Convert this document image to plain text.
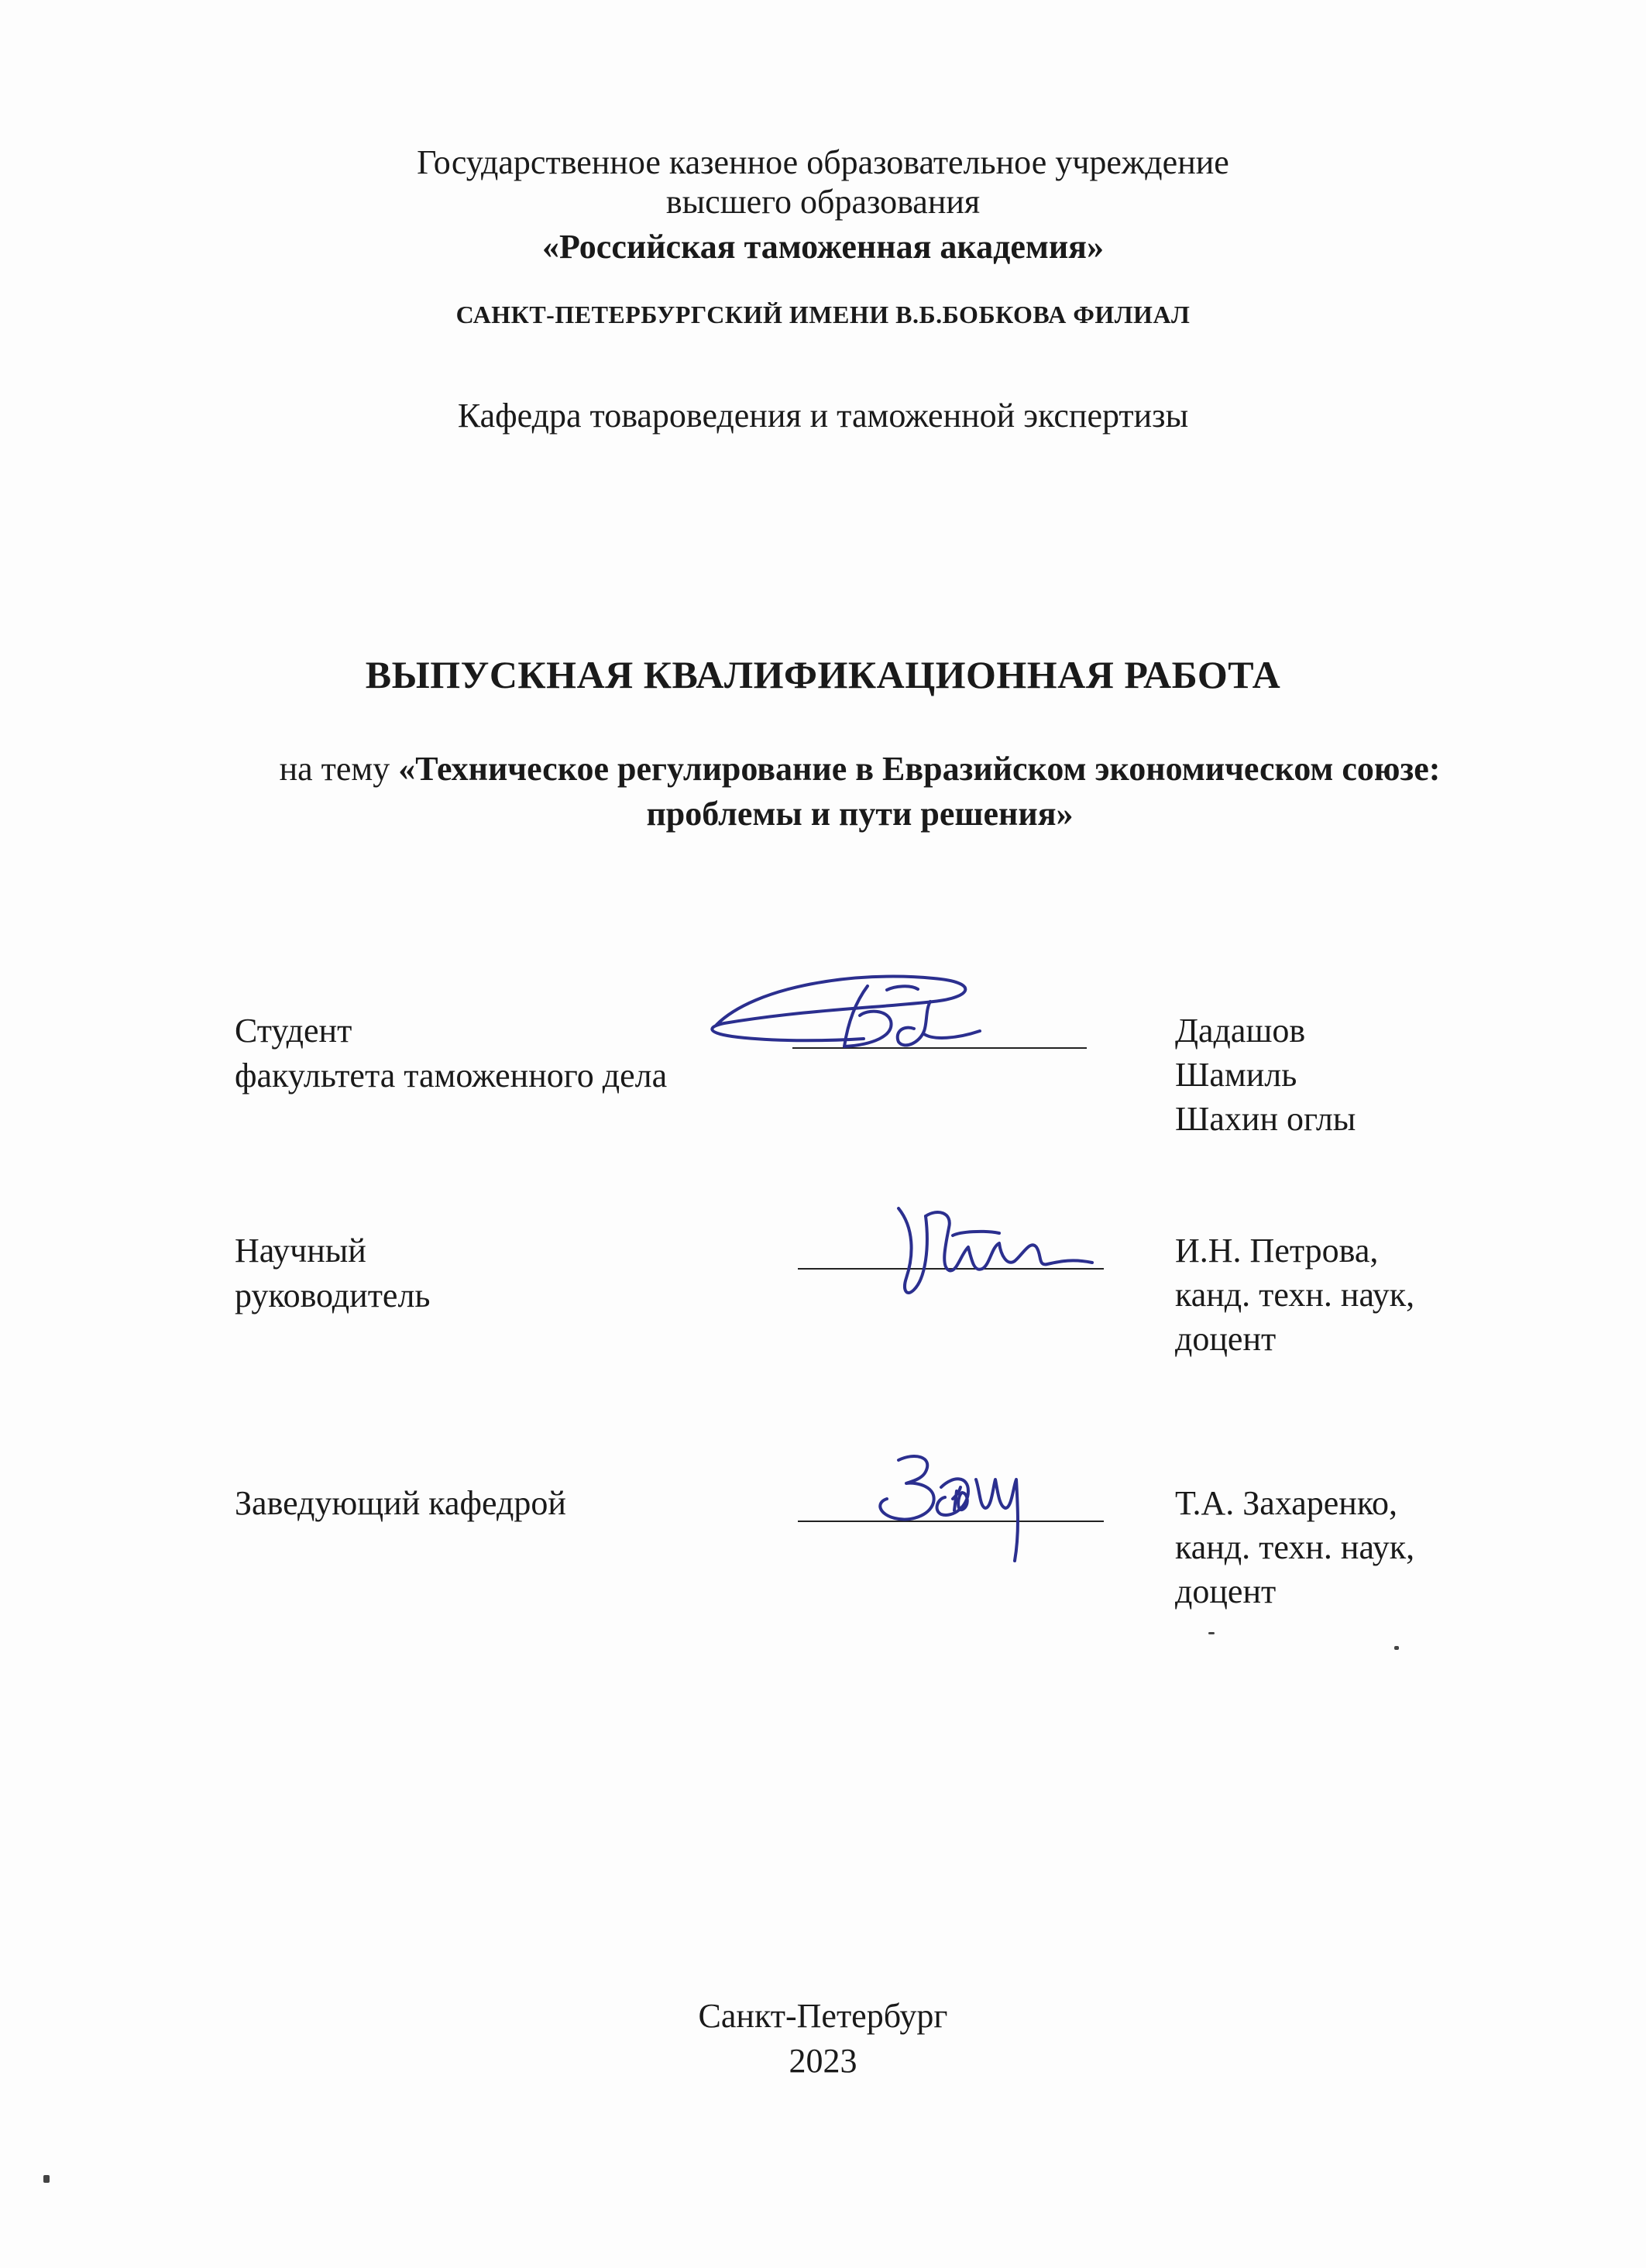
Государственное казенное образовательное учреждение
высшего образования
«Российская таможенная академия»
САНКТ-ПЕТЕРБУРГСКИЙ ИМЕНИ В.Б.БОБКОВА ФИЛИАЛ
Кафедра товароведения и таможенной экспертизы
ВЫПУСКНАЯ КВАЛИФИКАЦИОННАЯ РАБОТА
на тему «Техническое регулирование в Евразийском экономическом союзе:
проблемы и пути решения»
Студент
факультета таможенного дела
Дадашов
Шамиль
Шахин оглы
Научный
руководитель
И.Н. Петрова,
канд. техн. наук,
доцент
Заведующий кафедрой	Т.А. Захаренко,
канд. техн. наук,
доцент
Санкт-Петербург
2023
